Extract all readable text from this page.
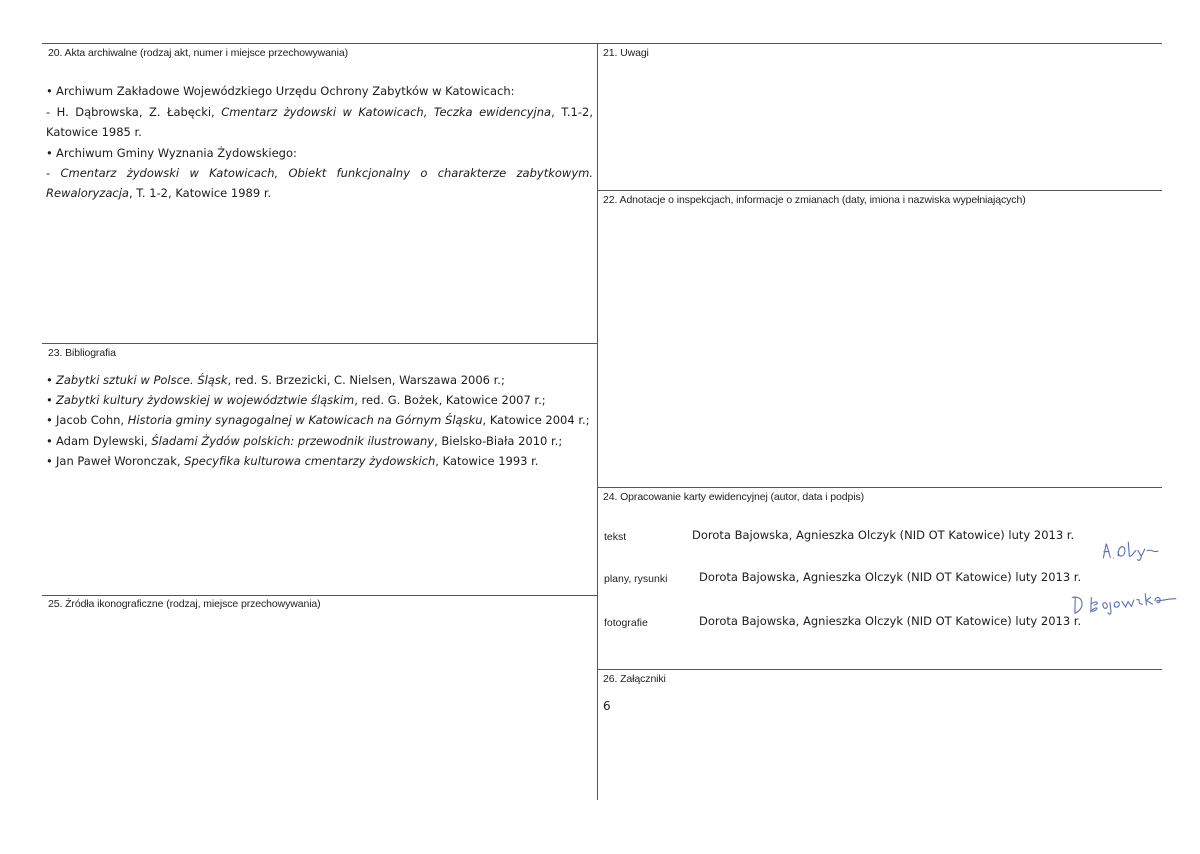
20. Akta archiwalne (rodzaj akt, numer i miejsce przechowywania)
• Archiwum Zakładowe Wojewódzkiego Urzędu Ochrony Zabytków w Katowicach:
- H. Dąbrowska, Z. Łabęcki, Cmentarz żydowski w Katowicach, Teczka ewidencyjna, T.1-2,
Katowice 1985 r.
• Archiwum Gminy Wyznania Żydowskiego:
- Cmentarz żydowski w Katowicach, Obiekt funkcjonalny o charakterze zabytkowym.
Rewaloryzacja, T. 1-2, Katowice 1989 r.
21. Uwagi
22. Adnotacje o inspekcjach, informacje o zmianach (daty, imiona i nazwiska wypełniających)
23. Bibliografia
• Zabytki sztuki w Polsce. Śląsk, red. S. Brzezicki, C. Nielsen, Warszawa 2006 r.;
• Zabytki kultury żydowskiej w województwie śląskim, red. G. Bożek, Katowice 2007 r.;
• Jacob Cohn, Historia gminy synagogalnej w Katowicach na Górnym Śląsku, Katowice 2004 r.;
• Adam Dylewski, Śladami Żydów polskich: przewodnik ilustrowany, Bielsko-Biała 2010 r.;
• Jan Paweł Woronczak, Specyfika kulturowa cmentarzy żydowskich, Katowice 1993 r.
24. Opracowanie karty ewidencyjnej (autor, data i podpis)
tekst	Dorota Bajowska, Agnieszka Olczyk (NID OT Katowice) luty 2013 r.
plany, rysunki	Dorota Bajowska, Agnieszka Olczyk (NID OT Katowice) luty 2013 r.
fotografie	Dorota Bajowska, Agnieszka Olczyk (NID OT Katowice) luty 2013 r.
25. Źródła ikonograficzne (rodzaj, miejsce przechowywania)
26. Załączniki
6
